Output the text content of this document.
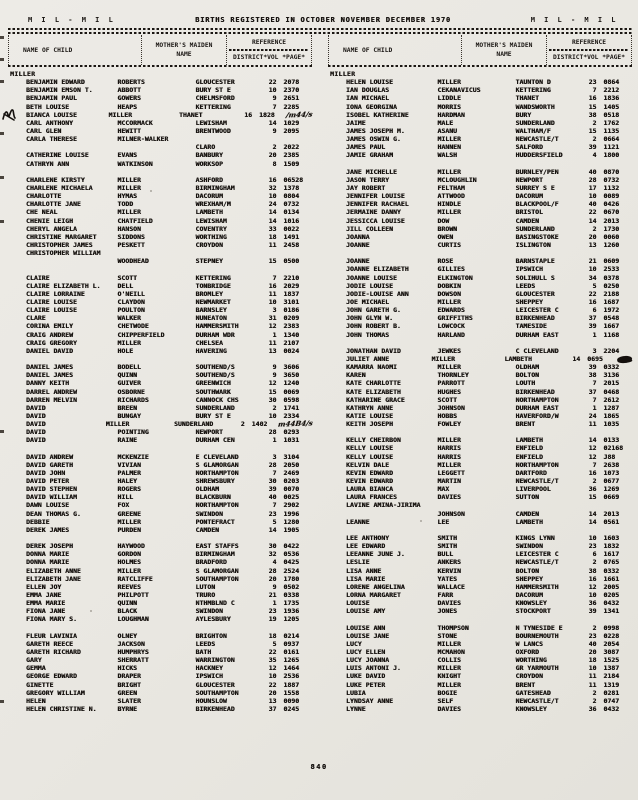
M I L - M I L	BIRTHS REGISTERED IN OCTOBER NOVEMBER DECEMBER 1970	M I L - M I L
NAME OF CHILD
MOTHER'S MAIDEN
NAME
REFERENCE
DISTRICT*VOL *PAGE*
MILLER
BENJAMIN EDWARD	ROBERTS	GLOUCESTER	22 2078
BENJAMIN EMSON T.	ABBOTT	BURY ST E	10 2370
BENJAMIN PAUL	GOWERS	CHELMSFORD	9 2651
BETH LOUISE	HEAPS	KETTERING	7 2285
BIANCA LOUISE	MILLER	THANET	16 1828	/m44/s
CARL ANTHONY	MCCORMACK	LEWISHAM	14 1029
CARL GLEN	HEWITT	BRENTWOOD	9 2095
CARLA THERESE	MILNER-WALKER
CLARO	2 2022
CATHERINE LOUISE	EVANS	BANBURY	20 2385
CATHRYN ANN	WATKINSON	WORKSOP	8 1509
CHARLENE KIRSTY	MILLER	ASHFORD	16 06528
CHARLENE MICHAELA	MILLER	BIRMINGHAM	32 1378
CHARLOTTE	HYMAS	DACORUM	10 0804
CHARLOTTE JANE	TODD	WREXHAM/M	24 0732
CHE NEAL	MILLER	LAMBETH	14 0134
CHENIE LEIGH	CHATFIELD	LEWISHAM	14 1016
CHERYL ANGELA	HANSON	COVENTRY	33 0022
CHRISTINE MARGARET	SIDDONS	WORTHING	18 1491
CHRISTOPHER JAMES	PESKETT	CROYDON	11 2458
CHRISTOPHER WILLIAM
WOODHEAD	STEPNEY	15 0500
CLAIRE	SCOTT	KETTERING	7 2210
CLAIRE ELIZABETH L.	DELL	TONBRIDGE	16 2029
CLAIRE LORRAINE	O'NEILL	BROMLEY	11 1837
CLAIRE LOUISE	CLAYDON	NEWMARKET	10 3101
CLAIRE LOUISE	POULTON	BARNSLEY	3 0186
CLARE	WALKER	NUNEATON	31 0209
CORINA EMILY	CHETWODE	HAMMERSMITH	12 2383
CRAIG ANDREW	CHIPPERFIELD	DURHAM WDR	1 1340
CRAIG GREGORY	MILLER	CHELSEA	11 2107
DANIEL DAVID	HOLE	HAVERING	13 0024
DANIEL JAMES	BODELL	SOUTHEND/S	9 3606
DANIEL JAMES	QUINN	SOUTHEND/S	9 3650
DANNY KEITH	GUIVER	GREENWICH	12 1240
DARREL ANDREW	OSBORNE	SOUTHWARK	15 0069
DARREN MELVIN	RICHARDS	CANNOCK CHS	30 0598
DAVID	BREEN	SUNDERLAND	2 1741
DAVID	BUNGAY	BURY ST E	10 2334
DAVID	MILLER	SUNDERLAND	2 1402	m44B4/s
DAVID	POINTING	NEWPORT	28 0293
DAVID	RAINE	DURHAM CEN	1 1031
DAVID ANDREW	MCKENZIE	E CLEVELAND	3 3104
DAVID GARETH	VIVIAN	S GLAMORGAN	28 2050
DAVID JOHN	PALMER	NORTHAMPTON	7 2469
DAVID PETER	HALEY	SHREWSBURY	30 0203
DAVID STEPHEN	ROGERS	OLDHAM	39 0070
DAVID WILLIAM	HILL	BLACKBURN	40 0025
DAWN LOUISE	FOX	NORTHAMPTON	7 2902
DEAN THOMAS G.	GREENE	SWINDON	23 1996
DEBBIE	MILLER	PONTEFRACT	5 1280
DEREK JAMES	PURDEN	CAMDEN	14 1905
DEREK JOSEPH	HAYWOOD	EAST STAFFS	30 0422
DONNA MARIE	GORDON	BIRMINGHAM	32 0536
DONNA MARIE	HOLMES	BRADFORD	4 0425
ELIZABETH ANNE	MILLER	S GLAMORGAN	28 2524
ELIZABETH JANE	RATCLIFFE	SOUTHAMPTON	20 1780
ELLEN JOY	REEVES	LUTON	9 0502
EMMA JANE	PHILPOTT	TRURO	21 0338
EMMA MARIE	QUINN	NTHMBLND C	1 1735
FIONA JANE	BLACK	SWINDON	23 1936
FIONA MARY S.	LOUGHMAN	AYLESBURY	19 1205
FLEUR LAVINIA	OLNEY	BRIGHTON	18 0214
GARETH REECE	JACKSON	LEEDS	5 0937
GARETH RICHARD	HUMPHRYS	BATH	22 0161
GARY	SHERRATT	WARRINGTON	35 1265
GEMMA	HICKS	HACKNEY	12 1464
GEORGE EDWARD	DRAPER	IPSWICH	10 2536
GINETTE	BRIGHT	GLOUCESTER	22 1887
GREGORY WILLIAM	GREEN	SOUTHAMPTON	20 1558
HELEN	SLATER	HOUNSLOW	13 0090
HELEN CHRISTINE N.	BYRNE	BIRKENHEAD	37 0245
NAME OF CHILD
MOTHER'S MAIDEN
NAME
REFERENCE
DISTRICT*VOL *PAGE*
MILLER
HELEN LOUISE	MILLER	TAUNTON D	23 0864
IAN DOUGLAS	CEKANAVICUS	KETTERING	7 2212
IAN MICHAEL	LIDDLE	THANET	16 1836
IONA GEORGINA	MORRIS	WANDSWORTH	15 1405
ISOBEL KATHERINE	HARDMAN	BURY	38 0518
JAIME	MALE	SUNDERLAND	2 1762
JAMES JOSEPH M.	ASANU	WALTHAM/F	15 1135
JAMES OSWIN G.	MILLER	NEWCASTLE/T	2 0664
JAMES PAUL	HANNEN	SALFORD	39 1121
JAMIE GRAHAM	WALSH	HUDDERSFIELD	4 1800
JANE MICHELLE	MILLER	BURNLEY/PEN	40 0870
JASON TERRY	MCLOUGHLIN	NEWPORT	28 0732
JAY ROBERT	FELTHAM	SURREY S E	17 1132
JENNIFER LOUISE	ATTWOOD	DACORUM	10 0089
JENNIFER RACHAEL	HINDLE	BLACKPOOL/F	40 0426
JERMAINE DANNY	MILLER	BRISTOL	22 0670
JESSICCA LOUISE	DOW	CAMDEN	14 2013
JILL COLLEEN	BROWN	SUNDERLAND	2 1730
JOANNA	OWEN	BASINGSTOKE	20 0060
JOANNE	CURTIS	ISLINGTON	13 1260
JOANNE	ROSE	BARNSTAPLE	21 0609
JOANNE ELIZABETH	GILLIES	IPSWICH	10 2533
JOANNE LOUISE	ELKINGTON	SOLIHULL S	34 0378
JODIE LOUISE	DOBKIN	LEEDS	5 0250
JODIE-LOUISE ANN	DOWSON	GLOUCESTER	22 2188
JOE MICHAEL	MILLER	SHEPPEY	16 1687
JOHN GARETH G.	EDWARDS	LEICESTER C	6 1972
JOHN GLYN W.	GRIFFITHS	BIRKENHEAD	37 0548
JOHN ROBERT B.	LOWCOCK	TAMESIDE	39 1667
JOHN THOMAS	HARLAND	DURHAM EAST	1 1168
JONATHAN DAVID	JEWKES	C CLEVELAND	3 2204
JULIET ANNE	MILLER	LAMBETH	14 0695
KAMARRA NAOMI	MILLER	OLDHAM	39 0332
KAREN	THORNLEY	BOLTON	38 3136
KATE CHARLOTTE	PARROTT	LOUTH	7 2015
KATE ELIZABETH	HUGHES	BIRKENHEAD	37 0468
KATHARINE GRACE	SCOTT	NORTHAMPTON	7 2612
KATHRYN ANNE	JOHNSON	DURHAM EAST	1 1287
KATIE LOUISE	HOBBS	HAVERFORD/W	24 1865
KEITH JOSEPH	FOWLEY	BRENT	11 1035
KELLY CHEIRBON	MILLER	LAMBETH	14 0133
KELLY LOUISE	HARRIS	ENFIELD	12 02168
KELLY LOUISE	HARRIS	ENFIELD	12 J88
KELVIN DALE	MILLER	NORTHAMPTON	7 2638
KEVIN EDWARD	LEGGETT	DARTFORD	16 1073
KEVIN EDWARD	MARTIN	NEWCASTLE/T	2 0677
LAURA BIANCA	MAX	LIVERPOOL	36 1269
LAURA FRANCES	DAVIES	SUTTON	15 0669
LAVINE AMINA-JIRIMA
JOHNSON	CAMDEN	14 2013
LEANNE	LEE	LAMBETH	14 0561
LEE ANTHONY	SMITH	KINGS LYNN	10 1603
LEE EDWARD	SMITH	SWINDON	23 1832
LEEANNE JUNE J.	BULL	LEICESTER C	6 1617
LESLIE	ANKERS	NEWCASTLE/T	2 0765
LISA ANNE	KERVIN	BOLTON	38 0332
LISA MARIE	YATES	SHEPPEY	16 1661
LORENE ANGELINA	WALLACE	HAMMERSMITH	12 2005
LORNA MARGARET	FARR	DACORUM	10 0205
LOUISE	DAVIES	KNOWSLEY	36 0432
LOUISE AMY	JONES	STOCKPORT	39 1341
LOUISE ANN	THOMPSON	N TYNESIDE E	2 0998
LOUISE JANE	STONE	BOURNEMOUTH	23 0228
LUCY	MILLER	W LANCS	40 2054
LUCY ELLEN	MCMAHON	OXFORD	20 3087
LUCY JOANNA	COLLIS	WORTHING	18 1525
LUIS ANTONI J.	MILLER	GR YARMOUTH	10 1387
LUKE DAVID	KNIGHT	CROYDON	11 2184
LUKE PETER	MILLER	BRENT	11 1319
LUBIA	BOGIE	GATESHEAD	2 0281
LYNDSAY ANNE	SELF	NEWCASTLE/T	2 0747
LYNNE	DAVIES	KNOWSLEY	36 0432
840
